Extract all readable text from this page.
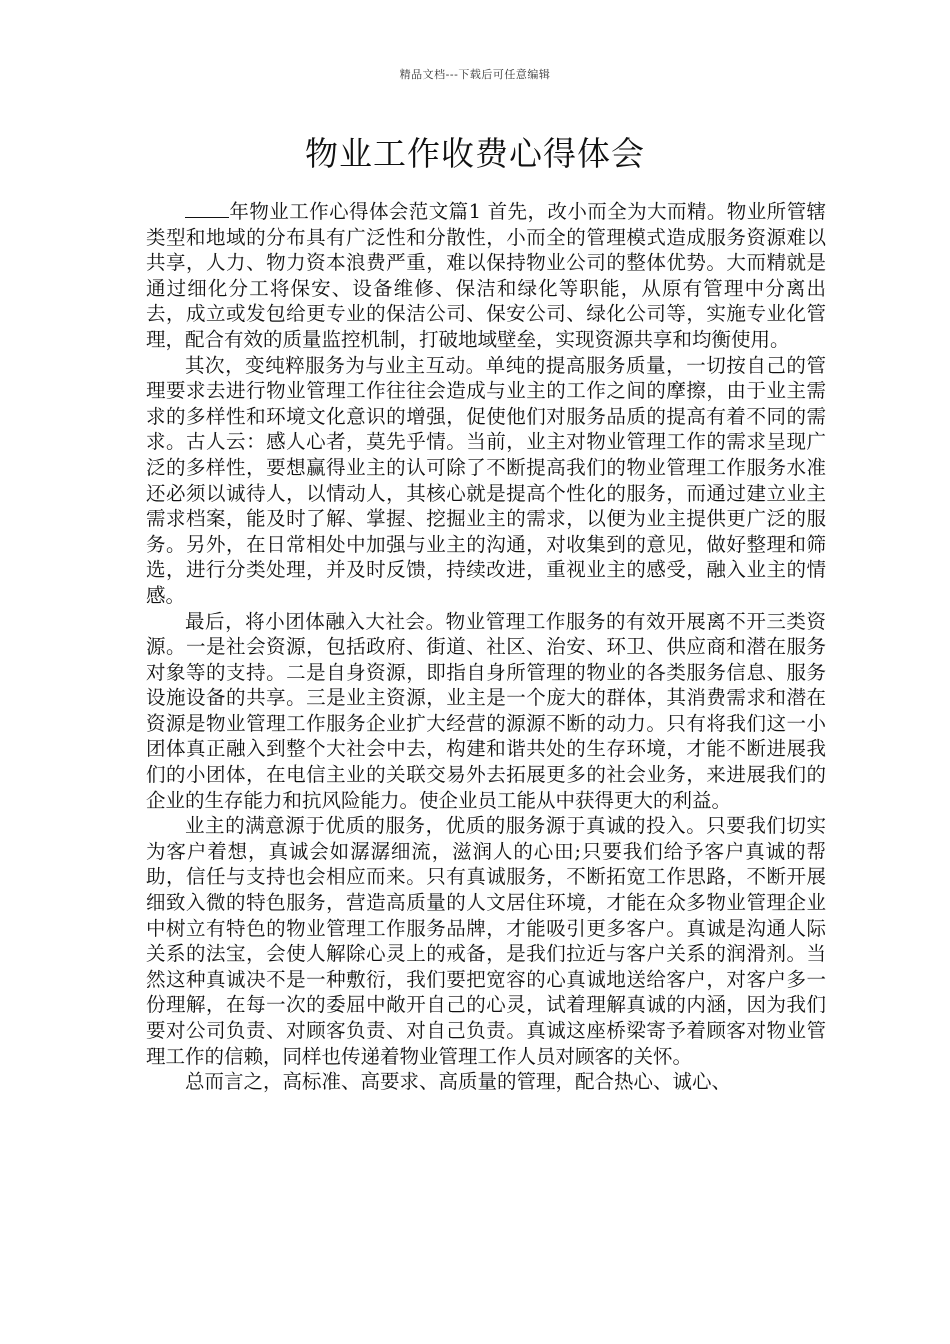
精品文档---下载后可任意编辑
物业工作收费心得体会

年物业工作心得体会范文篇1 首先，改小而全为大而精。物业所管辖类型和地域的分布具有广泛性和分散性，小而全的管理模式造成服务资源难以共享，人力、物力资本浪费严重，难以保持物业公司的整体优势。大而精就是通过细化分工将保安、设备维修、保洁和绿化等职能，从原有管理中分离出去，成立或发包给更专业的保洁公司、保安公司、绿化公司等，实施专业化管理，配合有效的质量监控机制，打破地域壁垒，实现资源共享和均衡使用。

其次，变纯粹服务为与业主互动。单纯的提高服务质量，一切按自己的管理要求去进行物业管理工作往往会造成与业主的工作之间的摩擦，由于业主需求的多样性和环境文化意识的增强，促使他们对服务品质的提高有着不同的需求。古人云：感人心者，莫先乎情。当前，业主对物业管理工作的需求呈现广泛的多样性，要想赢得业主的认可除了不断提高我们的物业管理工作服务水准还必须以诚待人，以情动人，其核心就是提高个性化的服务，而通过建立业主需求档案，能及时了解、掌握、挖掘业主的需求，以便为业主提供更广泛的服务。另外，在日常相处中加强与业主的沟通，对收集到的意见，做好整理和筛选，进行分类处理，并及时反馈，持续改进，重视业主的感受，融入业主的情感。

最后，将小团体融入大社会。物业管理工作服务的有效开展离不开三类资源。一是社会资源，包括政府、街道、社区、治安、环卫、供应商和潜在服务对象等的支持。二是自身资源，即指自身所管理的物业的各类服务信息、服务设施设备的共享。三是业主资源，业主是一个庞大的群体，其消费需求和潜在资源是物业管理工作服务企业扩大经营的源源不断的动力。只有将我们这一小团体真正融入到整个大社会中去，构建和谐共处的生存环境，才能不断进展我们的小团体，在电信主业的关联交易外去拓展更多的社会业务，来进展我们的企业的生存能力和抗风险能力。使企业员工能从中获得更大的利益。

业主的满意源于优质的服务，优质的服务源于真诚的投入。只要我们切实为客户着想，真诚会如潺潺细流，滋润人的心田;只要我们给予客户真诚的帮助，信任与支持也会相应而来。只有真诚服务，不断拓宽工作思路，不断开展细致入微的特色服务，营造高质量的人文居住环境，才能在众多物业管理企业中树立有特色的物业管理工作服务品牌，才能吸引更多客户。真诚是沟通人际关系的法宝，会使人解除心灵上的戒备，是我们拉近与客户关系的润滑剂。当然这种真诚决不是一种敷衍，我们要把宽容的心真诚地送给客户，对客户多一份理解，在每一次的委屈中敞开自己的心灵，试着理解真诚的内涵，因为我们要对公司负责、对顾客负责、对自己负责。真诚这座桥梁寄予着顾客对物业管理工作的信赖，同样也传递着物业管理工作人员对顾客的关怀。

总而言之，高标准、高要求、高质量的管理，配合热心、诚心、
